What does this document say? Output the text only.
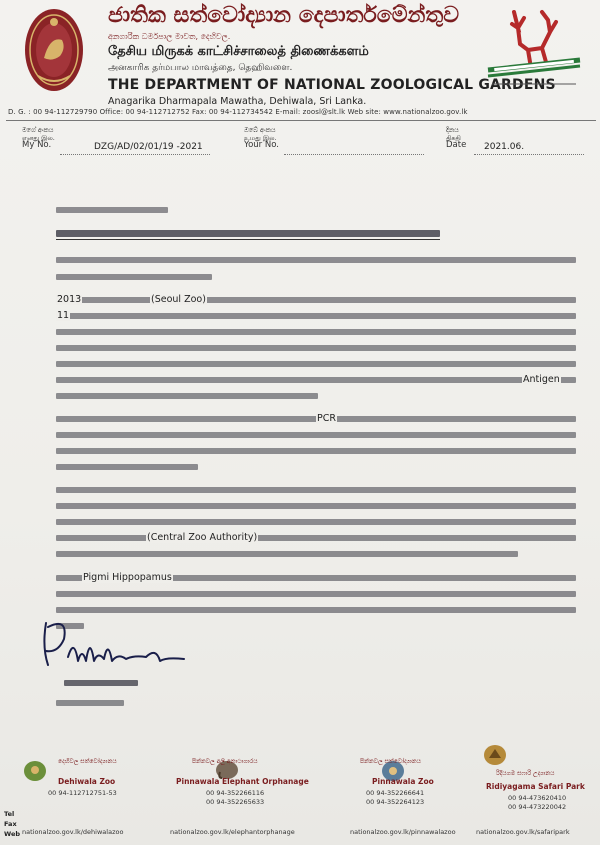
ජාතික සත්වෝද්‍යාන දෙපාර්තමේන්තුව
අනගාරික ධර්මපාල මාවත, දෙහිවල.
தேசிய மிருகக் காட்சிச்சாலைத் திணைக்களம்
அனகாரிக தர்மபால மாவத்தை, தெஹிவளை.
THE DEPARTMENT OF NATIONAL ZOOLOGICAL GARDENS
Anagarika Dharmapala Mawatha, Dehiwala, Sri Lanka.
D. G. : 00 94-112729790 Office: 00 94-112712752 Fax: 00 94-112734542 E-mail: zoosl@slt.lk Web site: www.nationalzoo.gov.lk
මගේ අංකය
எனது இல.
My No.	DZG/AD/02/01/19 -2021
ඔබේ අංකය
உமது இல.
Your No.
දිනය
திகதி
Date 2021.06.
2013	(Seoul Zoo)
11
Antigen
PCR
(Central Zoo Authority)
Pigmi Hippopamus
Tel
Fax
Web
දෙහිවල සත්වෝද්‍යානය
Dehiwala Zoo
00 94-112712751-53
nationalzoo.gov.lk/dehiwalazoo
පින්නවල අලි අනාථාගාරය
Pinnawala Elephant Orphanage
00 94-352266116
00 94-352265633
nationalzoo.gov.lk/elephantorphanage
පින්නවල සත්වෝද්‍යානය
Pinnawala Zoo
00 94-352266641
00 94-352264123
nationalzoo.gov.lk/pinnawalazoo
රිදියගම සෆාරි උද්‍යානය
Ridiyagama Safari Park
00 94-473620410
00 94-473220042
nationalzoo.gov.lk/safaripark
